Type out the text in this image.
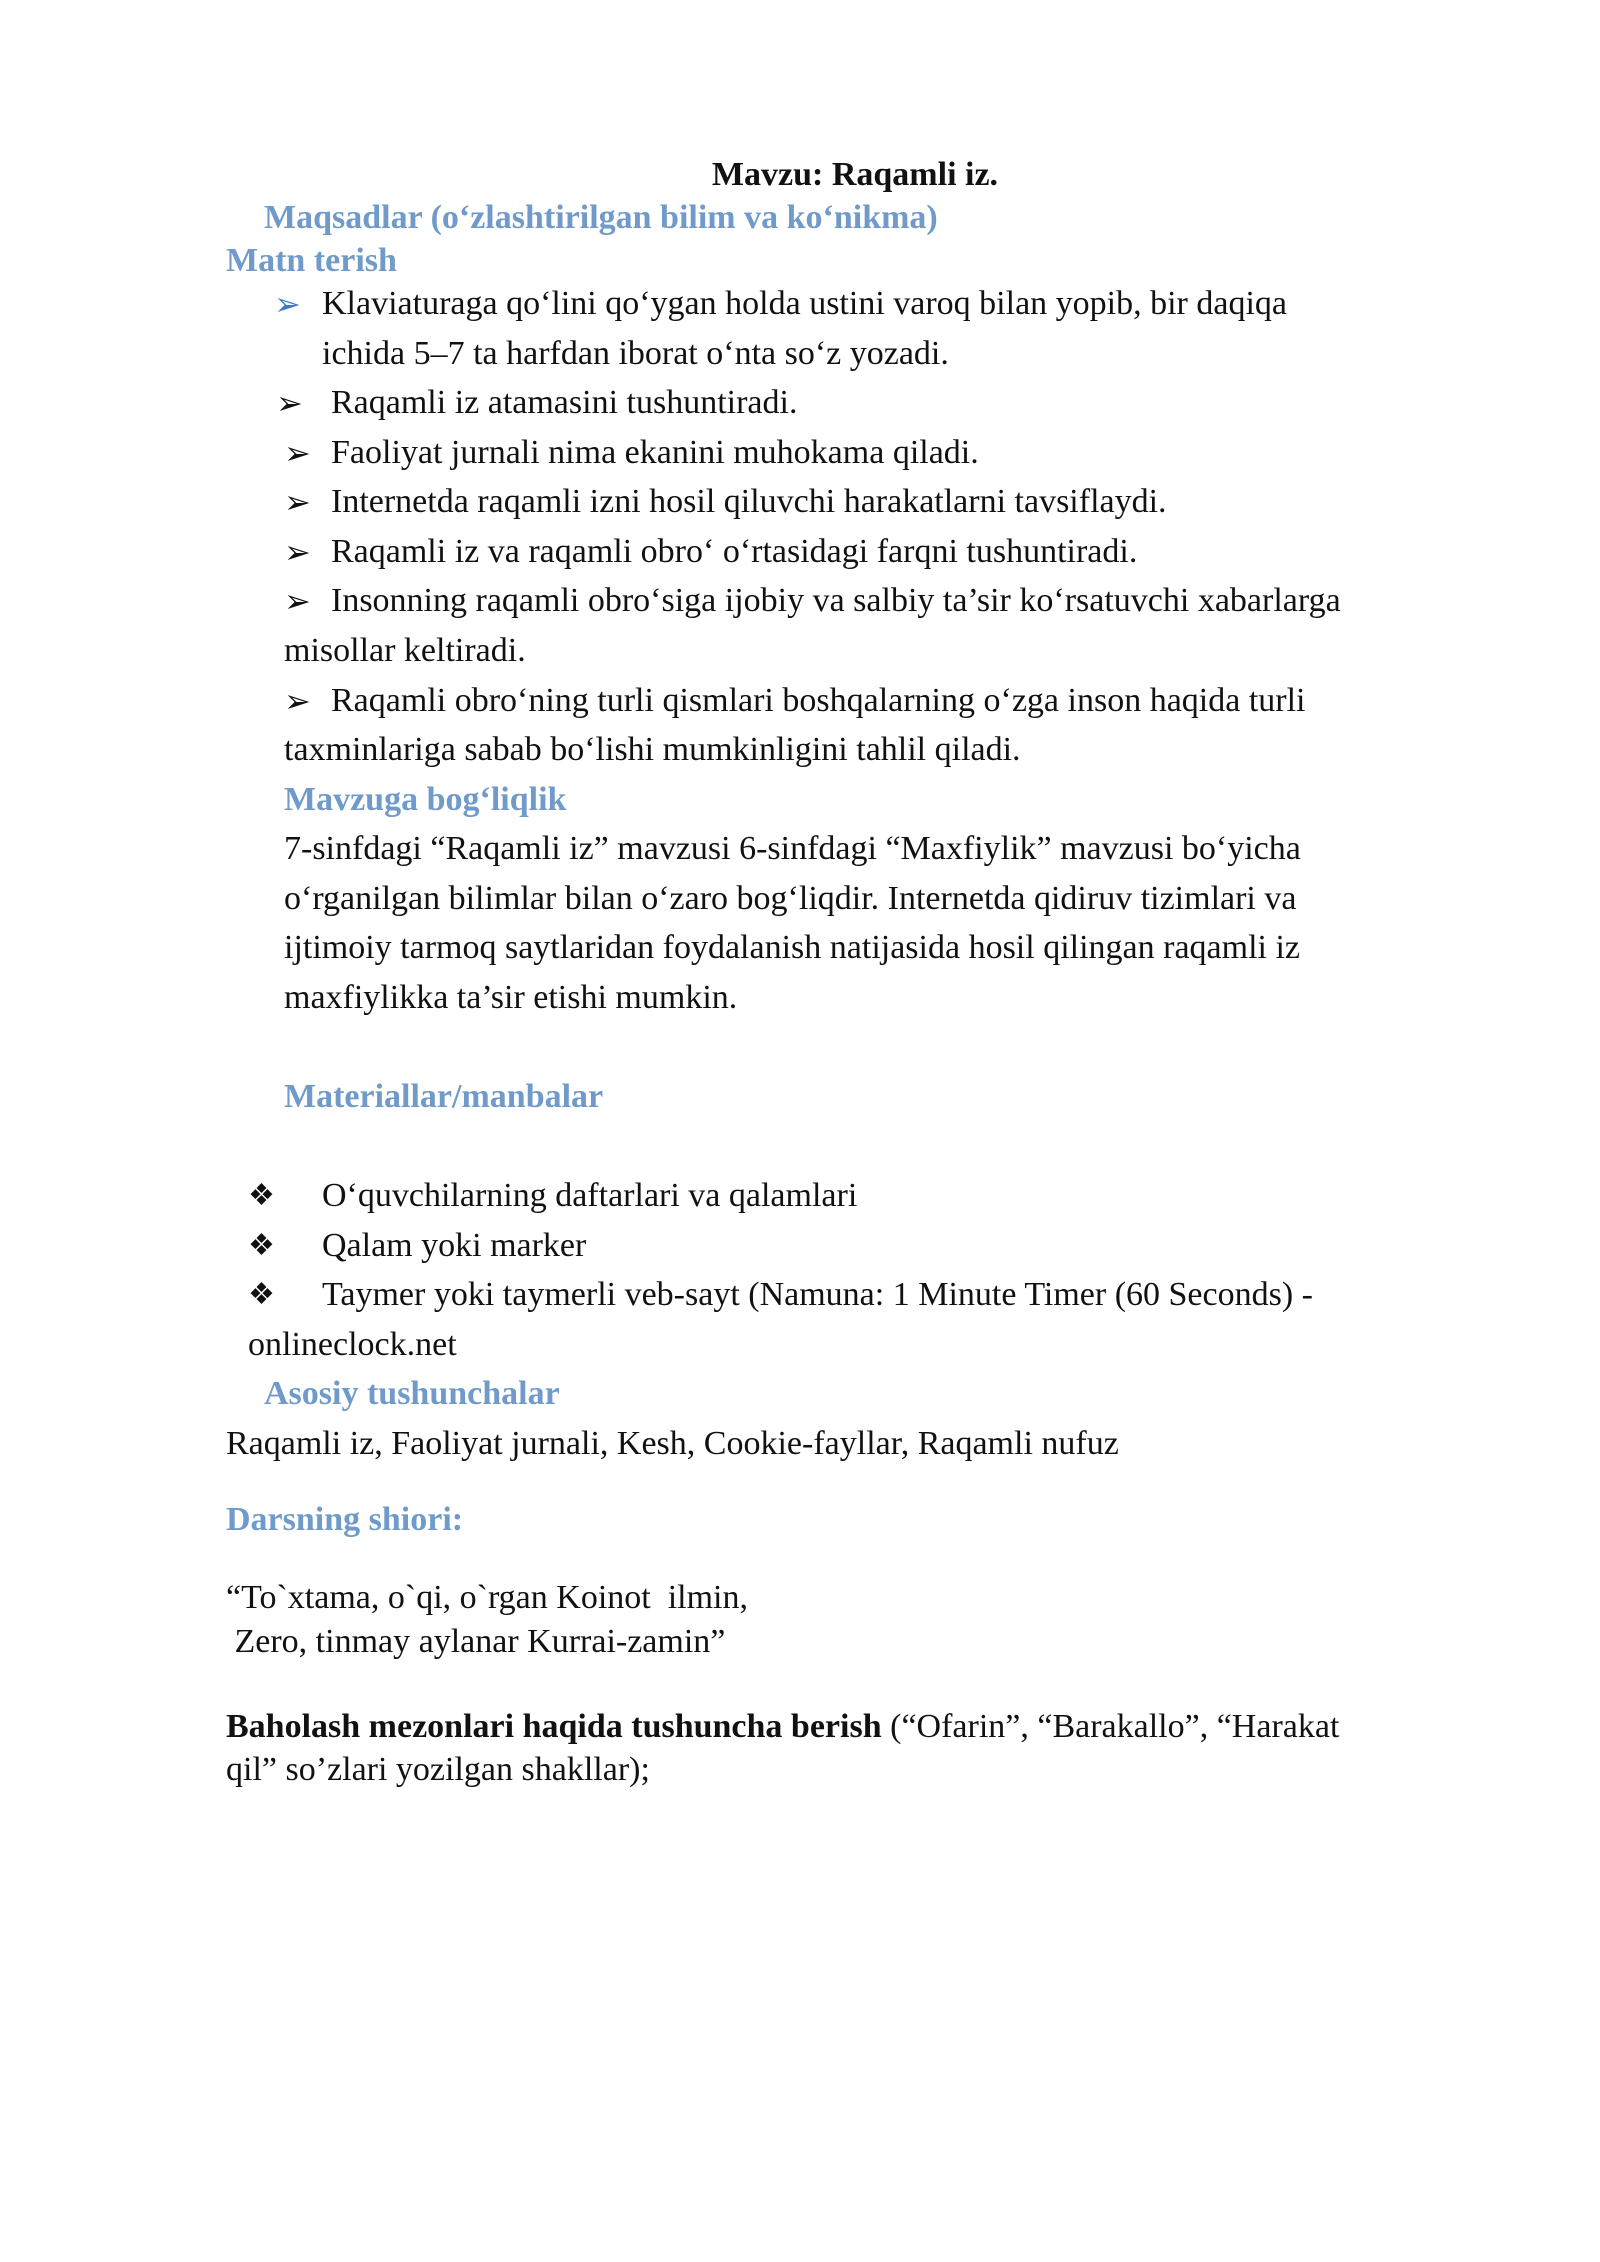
Mavzu: Raqamli iz.
Maqsadlar (o‘zlashtirilgan bilim va ko‘nikma)
Matn terish
➢ Klaviaturaga qo‘lini qo‘ygan holda ustini varoq bilan yopib, bir daqiqa
ichida 5–7 ta harfdan iborat o‘nta so‘z yozadi.
➢ Raqamli iz atamasini tushuntiradi.
➢ Faoliyat jurnali nima ekanini muhokama qiladi.
➢ Internetda raqamli izni hosil qiluvchi harakatlarni tavsiflaydi.
➢ Raqamli iz va raqamli obro‘ o‘rtasidagi farqni tushuntiradi.
➢ Insonning raqamli obro‘siga ijobiy va salbiy ta’sir ko‘rsatuvchi xabarlarga
misollar keltiradi.
➢ Raqamli obro‘ning turli qismlari boshqalarning o‘zga inson haqida turli
taxminlariga sabab bo‘lishi mumkinligini tahlil qiladi.
Mavzuga bog‘liqlik
7-sinfdagi “Raqamli iz” mavzusi 6-sinfdagi “Maxfiylik” mavzusi bo‘yicha
o‘rganilgan bilimlar bilan o‘zaro bog‘liqdir. Internetda qidiruv tizimlari va
ijtimoiy tarmoq saytlaridan foydalanish natijasida hosil qilingan raqamli iz
maxfiylikka ta’sir etishi mumkin.
Materiallar/manbalar
❖ O‘quvchilarning daftarlari va qalamlari
❖ Qalam yoki marker
❖ Taymer yoki taymerli veb-sayt (Namuna: 1 Minute Timer (60 Seconds) -
onlineclock.net
Asosiy tushunchalar
Raqamli iz, Faoliyat jurnali, Kesh, Cookie-fayllar, Raqamli nufuz
Darsning shiori:
“To`xtama, o`qi, o`rgan Koinot  ilmin,
Zero, tinmay aylanar Kurrai-zamin”
Baholash mezonlari haqida tushuncha berish (“Ofarin”, “Barakallo”, “Harakat
qil” so’zlari yozilgan shakllar);
